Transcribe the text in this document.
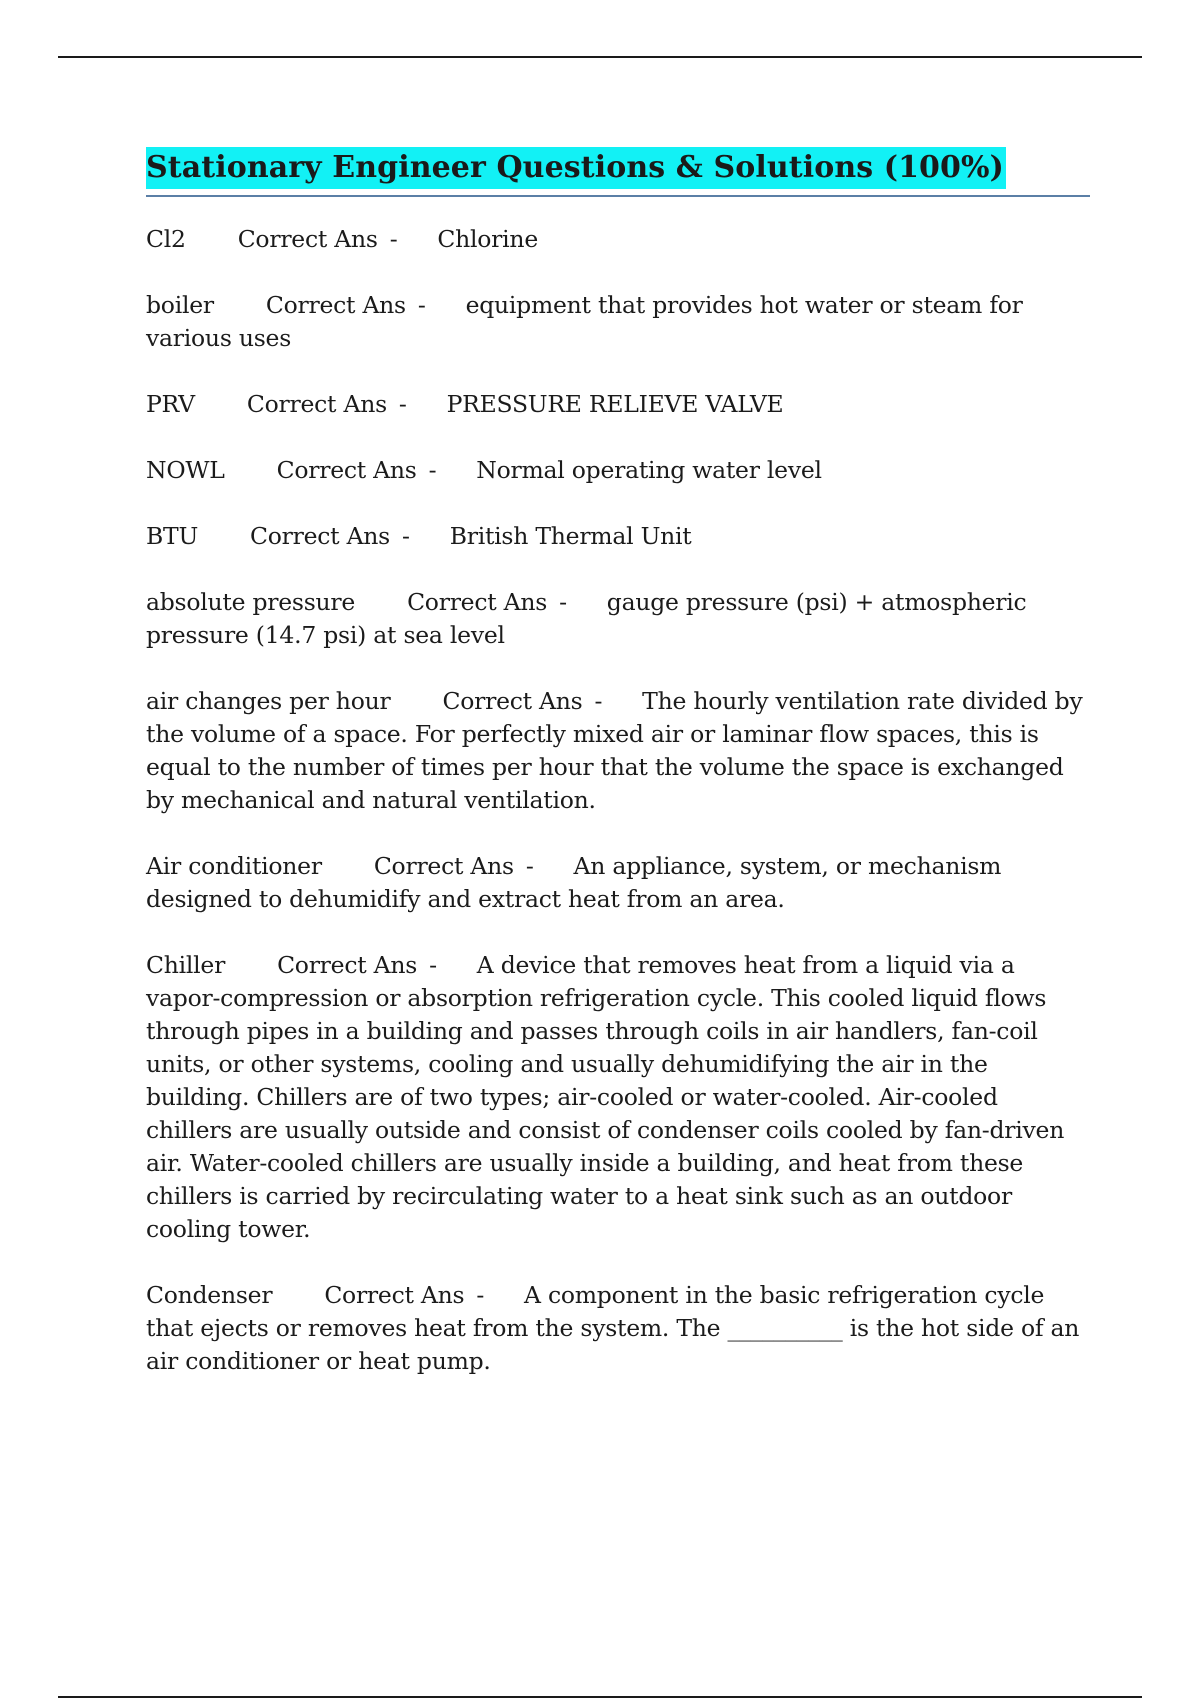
Stationary Engineer Questions & Solutions (100%)

Cl2 Correct Ans - Chlorine

boiler Correct Ans - equipment that provides hot water or steam for various uses

PRV Correct Ans - PRESSURE RELIEVE VALVE

NOWL Correct Ans - Normal operating water level

BTU Correct Ans - British Thermal Unit

absolute pressure Correct Ans - gauge pressure (psi) + atmospheric pressure (14.7 psi) at sea level

air changes per hour Correct Ans - The hourly ventilation rate divided by the volume of a space. For perfectly mixed air or laminar flow spaces, this is equal to the number of times per hour that the volume the space is exchanged by mechanical and natural ventilation.

Air conditioner Correct Ans - An appliance, system, or mechanism designed to dehumidify and extract heat from an area.

Chiller Correct Ans - A device that removes heat from a liquid via a vapor-compression or absorption refrigeration cycle. This cooled liquid flows through pipes in a building and passes through coils in air handlers, fan-coil units, or other systems, cooling and usually dehumidifying the air in the building. Chillers are of two types; air-cooled or water-cooled. Air-cooled chillers are usually outside and consist of condenser coils cooled by fan-driven air. Water-cooled chillers are usually inside a building, and heat from these chillers is carried by recirculating water to a heat sink such as an outdoor cooling tower.

Condenser Correct Ans - A component in the basic refrigeration cycle that ejects or removes heat from the system. The __________ is the hot side of an air conditioner or heat pump.
